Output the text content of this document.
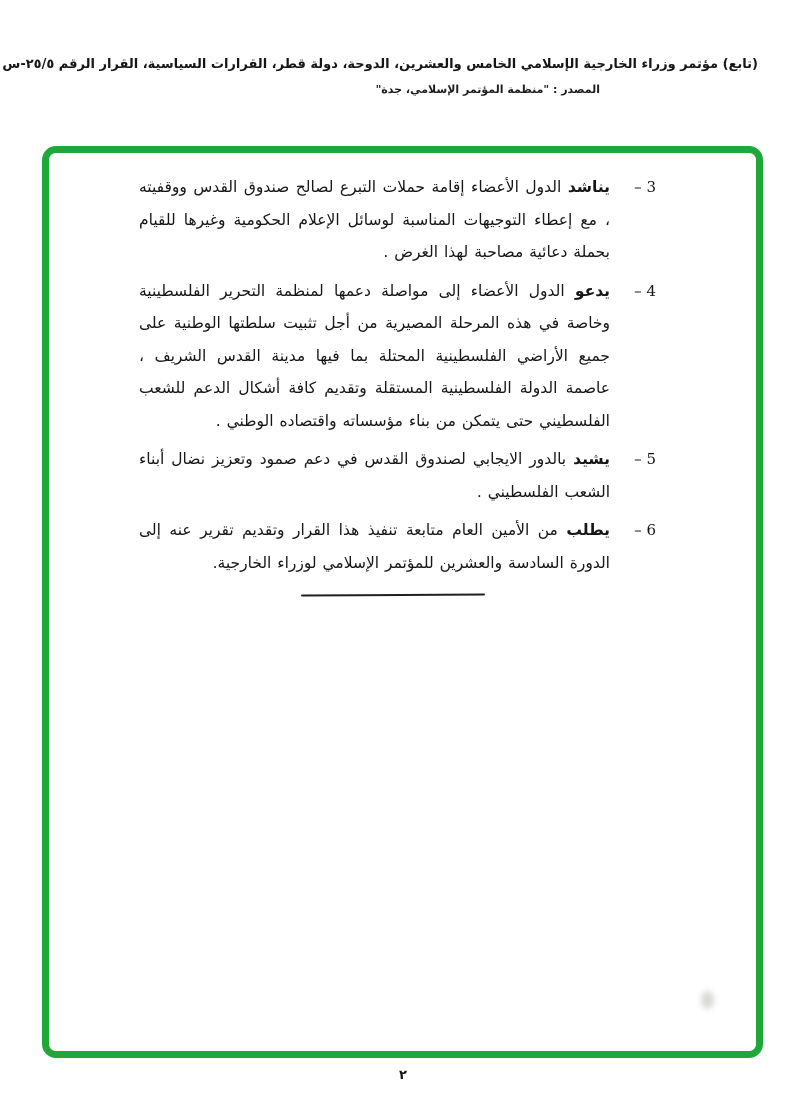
(تابع) مؤتمر وزراء الخارجية الإسلامي الخامس والعشرين، الدوحة، دولة قطر، القرارات السياسية، القرار الرقم ٢٥/٥-س
المصدر : "منظمة المؤتمر الإسلامي، جدة"
3 –
يناشد الدول الأعضاء إقامة حملات التبرع لصالح صندوق القدس ووقفيته ، مع إعطاء التوجيهات المناسبة لوسائل الإعلام الحكومية وغيرها للقيام بحملة دعائية مصاحبة لهذا الغرض .
4 –
يدعو الدول الأعضاء إلى مواصلة دعمها لمنظمة التحرير الفلسطينية وخاصة في هذه المرحلة المصيرية من أجل تثبيت سلطتها الوطنية على جميع الأراضي الفلسطينية المحتلة بما فيها مدينة القدس الشريف ، عاصمة الدولة الفلسطينية المستقلة وتقديم كافة أشكال الدعم للشعب الفلسطيني حتى يتمكن من بناء مؤسساته واقتصاده الوطني .
5 –
يشيد بالدور الايجابي لصندوق القدس في دعم صمود وتعزيز نضال أبناء الشعب الفلسطيني .
6 –
يطلب من الأمين العام متابعة تنفيذ هذا القرار وتقديم تقرير عنه إلى الدورة السادسة والعشرين للمؤتمر الإسلامي لوزراء الخارجية.
٢
